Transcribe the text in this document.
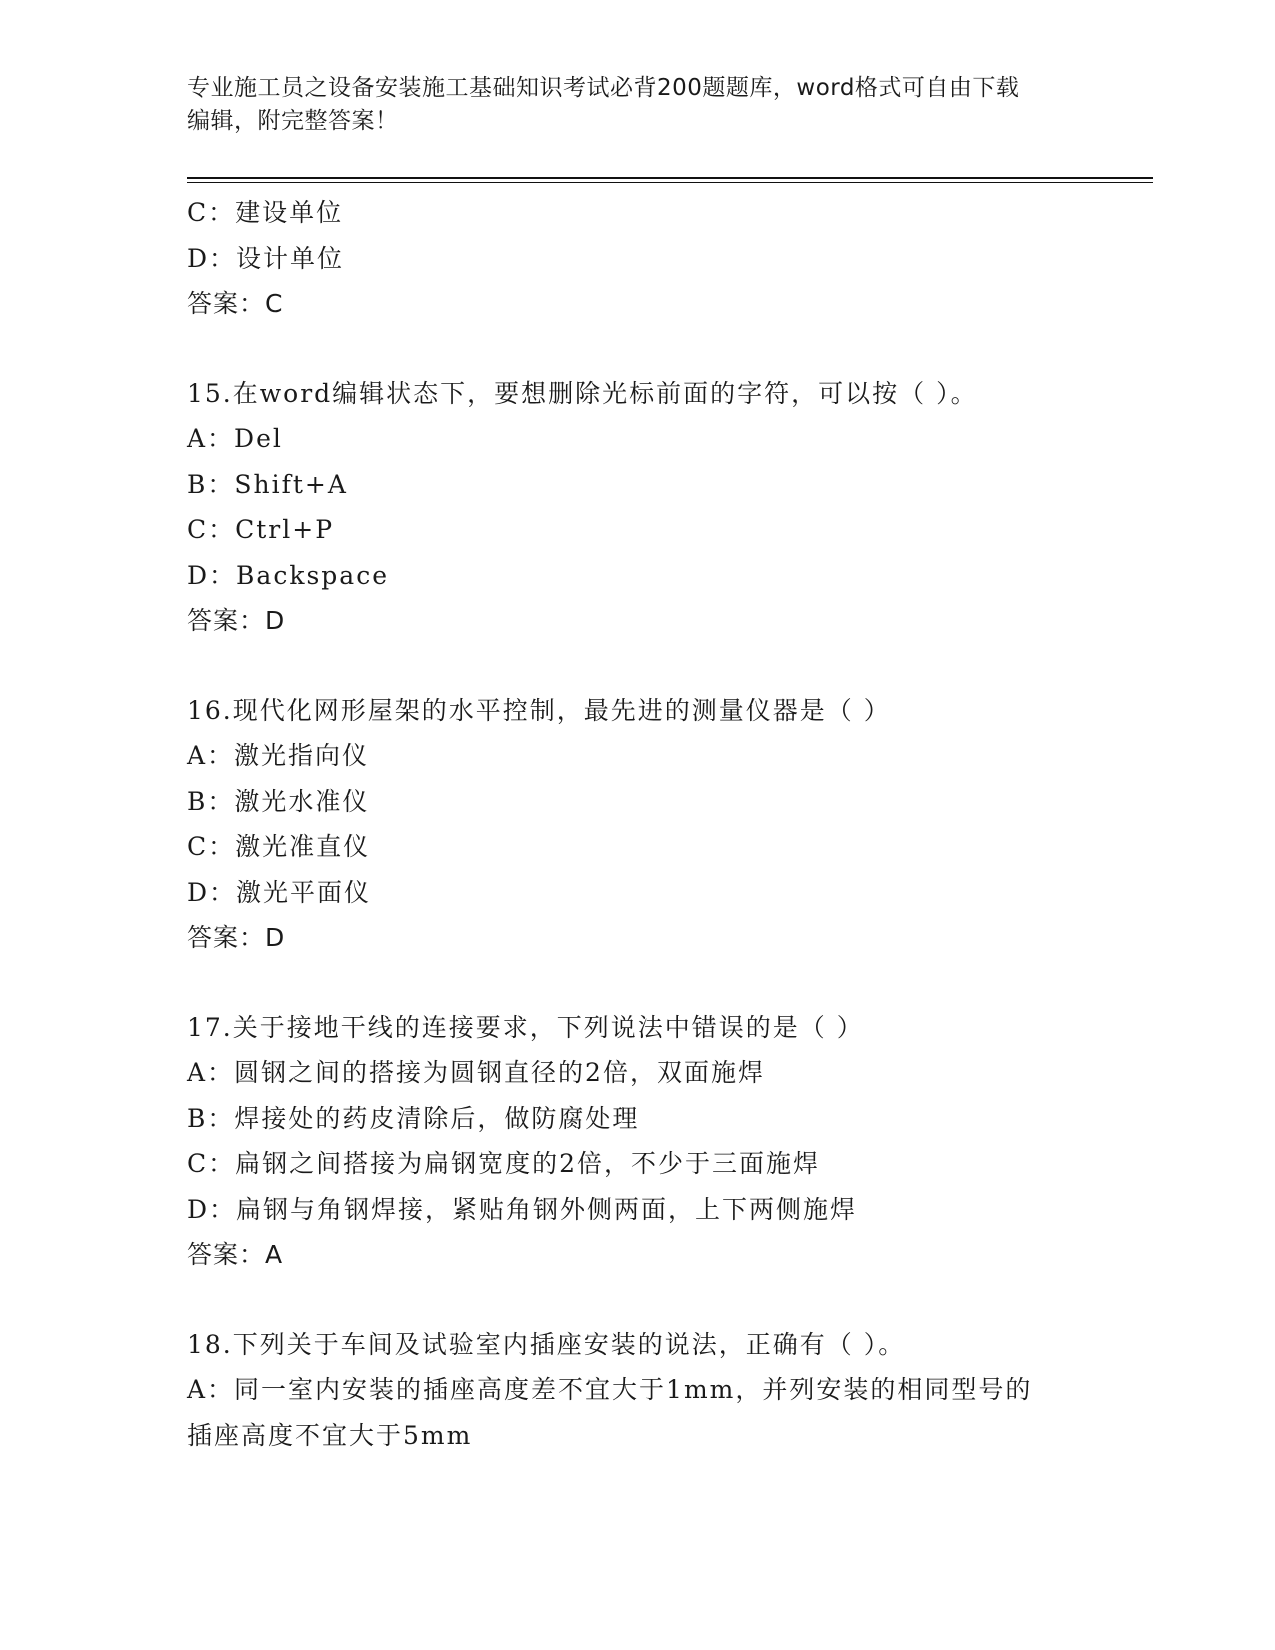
专业施工员之设备安装施工基础知识考试必背200题题库，word格式可自由下载
编辑，附完整答案！
C：建设单位
D：设计单位
答案：C
15.在word编辑状态下，要想删除光标前面的字符，可以按（ ）。
A：Del
B：Shift+A
C：Ctrl+P
D：Backspace
答案：D
16.现代化网形屋架的水平控制，最先进的测量仪器是（ ）
A：激光指向仪
B：激光水准仪
C：激光准直仪
D：激光平面仪
答案：D
17.关于接地干线的连接要求，下列说法中错误的是（ ）
A：圆钢之间的搭接为圆钢直径的2倍，双面施焊
B：焊接处的药皮清除后，做防腐处理
C：扁钢之间搭接为扁钢宽度的2倍，不少于三面施焊
D：扁钢与角钢焊接，紧贴角钢外侧两面，上下两侧施焊
答案：A
18.下列关于车间及试验室内插座安装的说法，正确有（ ）。
A：同一室内安装的插座高度差不宜大于1mm，并列安装的相同型号的
插座高度不宜大于5mm
